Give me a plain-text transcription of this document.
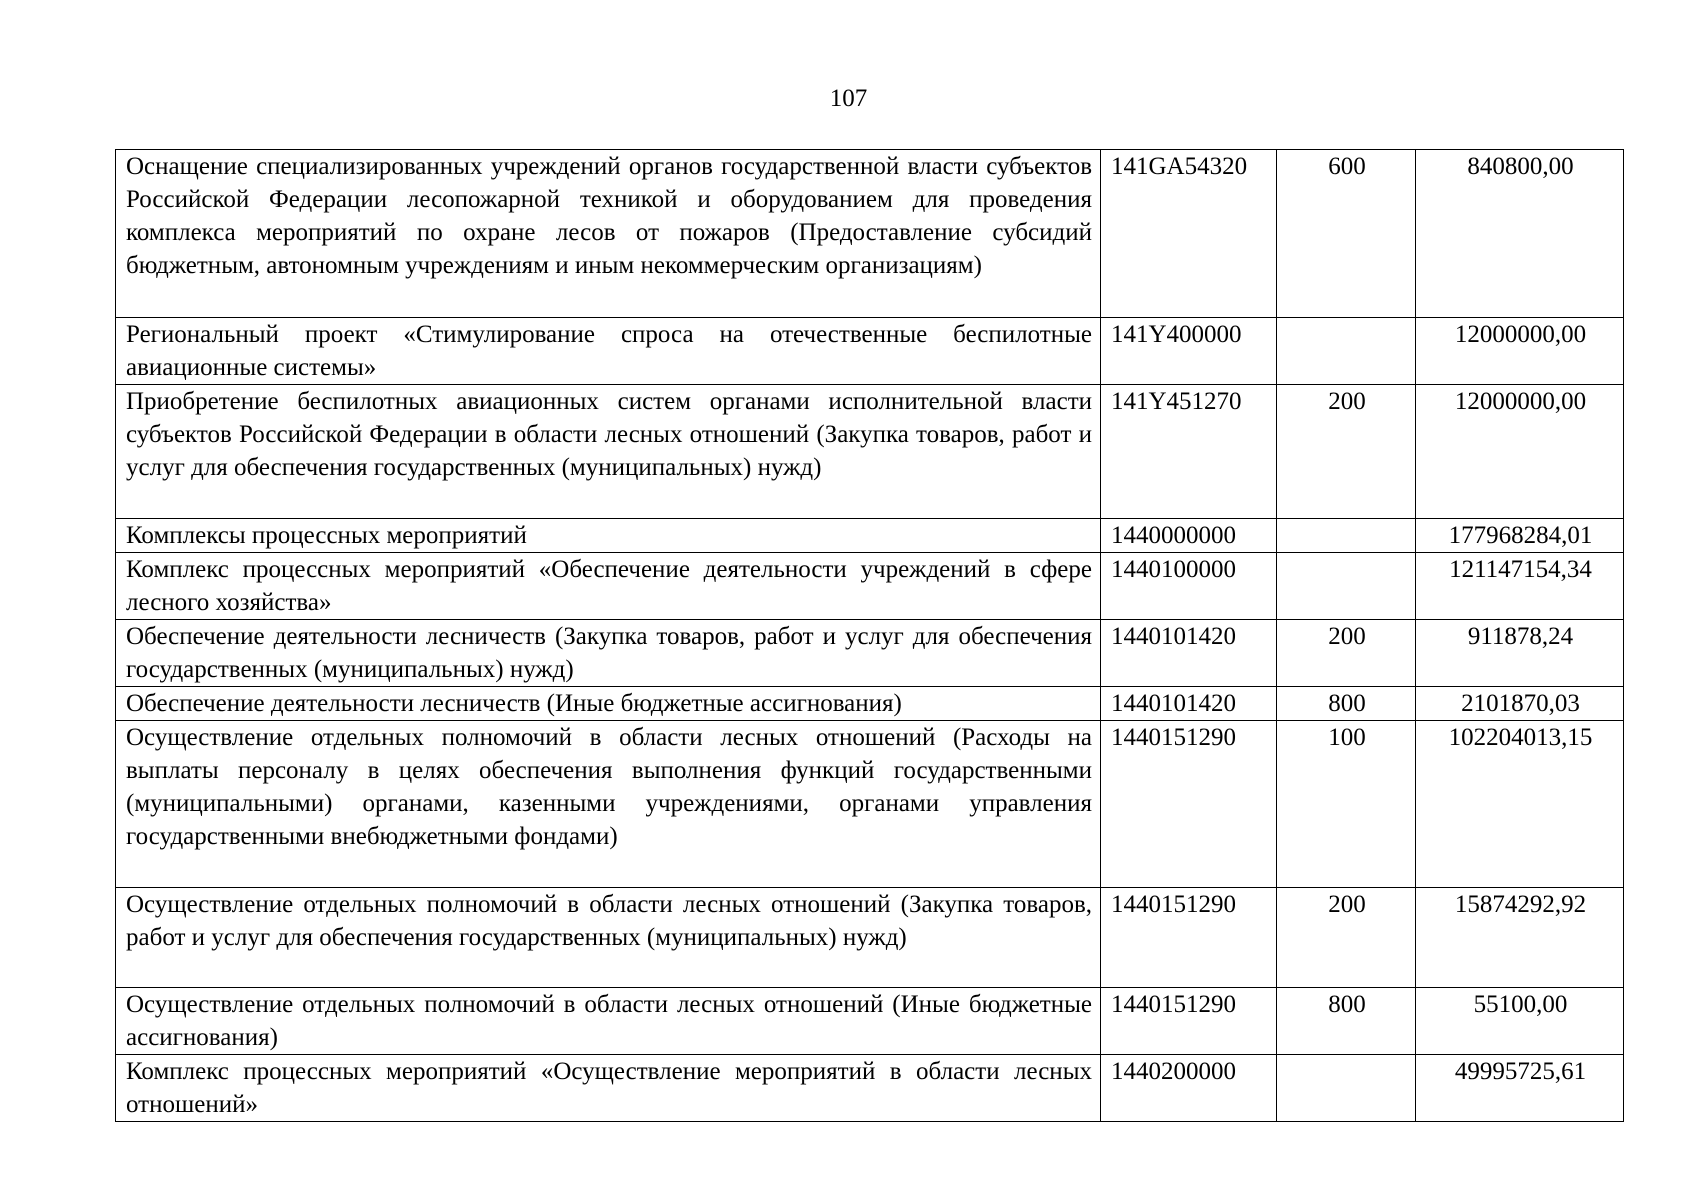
107
Оснащение специализированных учреждений органов государственной власти субъектов Российской Федерации лесопожарной техникой и оборудованием для проведения комплекса мероприятий по охране лесов от пожаров (Предоставление субсидий бюджетным, автономным учреждениям и иным некоммерческим организациям)	141GA54320	600	840800,00
Региональный проект «Стимулирование спроса на отечественные беспилотные авиационные системы»	141Y400000		12000000,00
Приобретение беспилотных авиационных систем органами исполнительной власти субъектов Российской Федерации в области лесных отношений (Закупка товаров, работ и услуг для обеспечения государственных (муниципальных) нужд)	141Y451270	200	12000000,00
Комплексы процессных мероприятий	1440000000		177968284,01
Комплекс процессных мероприятий «Обеспечение деятельности учреждений в сфере лесного хозяйства»	1440100000		121147154,34
Обеспечение деятельности лесничеств (Закупка товаров, работ и услуг для обеспечения государственных (муниципальных) нужд)	1440101420	200	911878,24
Обеспечение деятельности лесничеств (Иные бюджетные ассигнования)	1440101420	800	2101870,03
Осуществление отдельных полномочий в области лесных отношений (Расходы на выплаты персоналу в целях обеспечения выполнения функций государственными (муниципальными) органами, казенными учреждениями, органами управления государственными внебюджетными фондами)	1440151290	100	102204013,15
Осуществление отдельных полномочий в области лесных отношений (Закупка товаров, работ и услуг для обеспечения государственных (муниципальных) нужд)	1440151290	200	15874292,92
Осуществление отдельных полномочий в области лесных отношений (Иные бюджетные ассигнования)	1440151290	800	55100,00
Комплекс процессных мероприятий «Осуществление мероприятий в области лесных отношений»	1440200000		49995725,61
